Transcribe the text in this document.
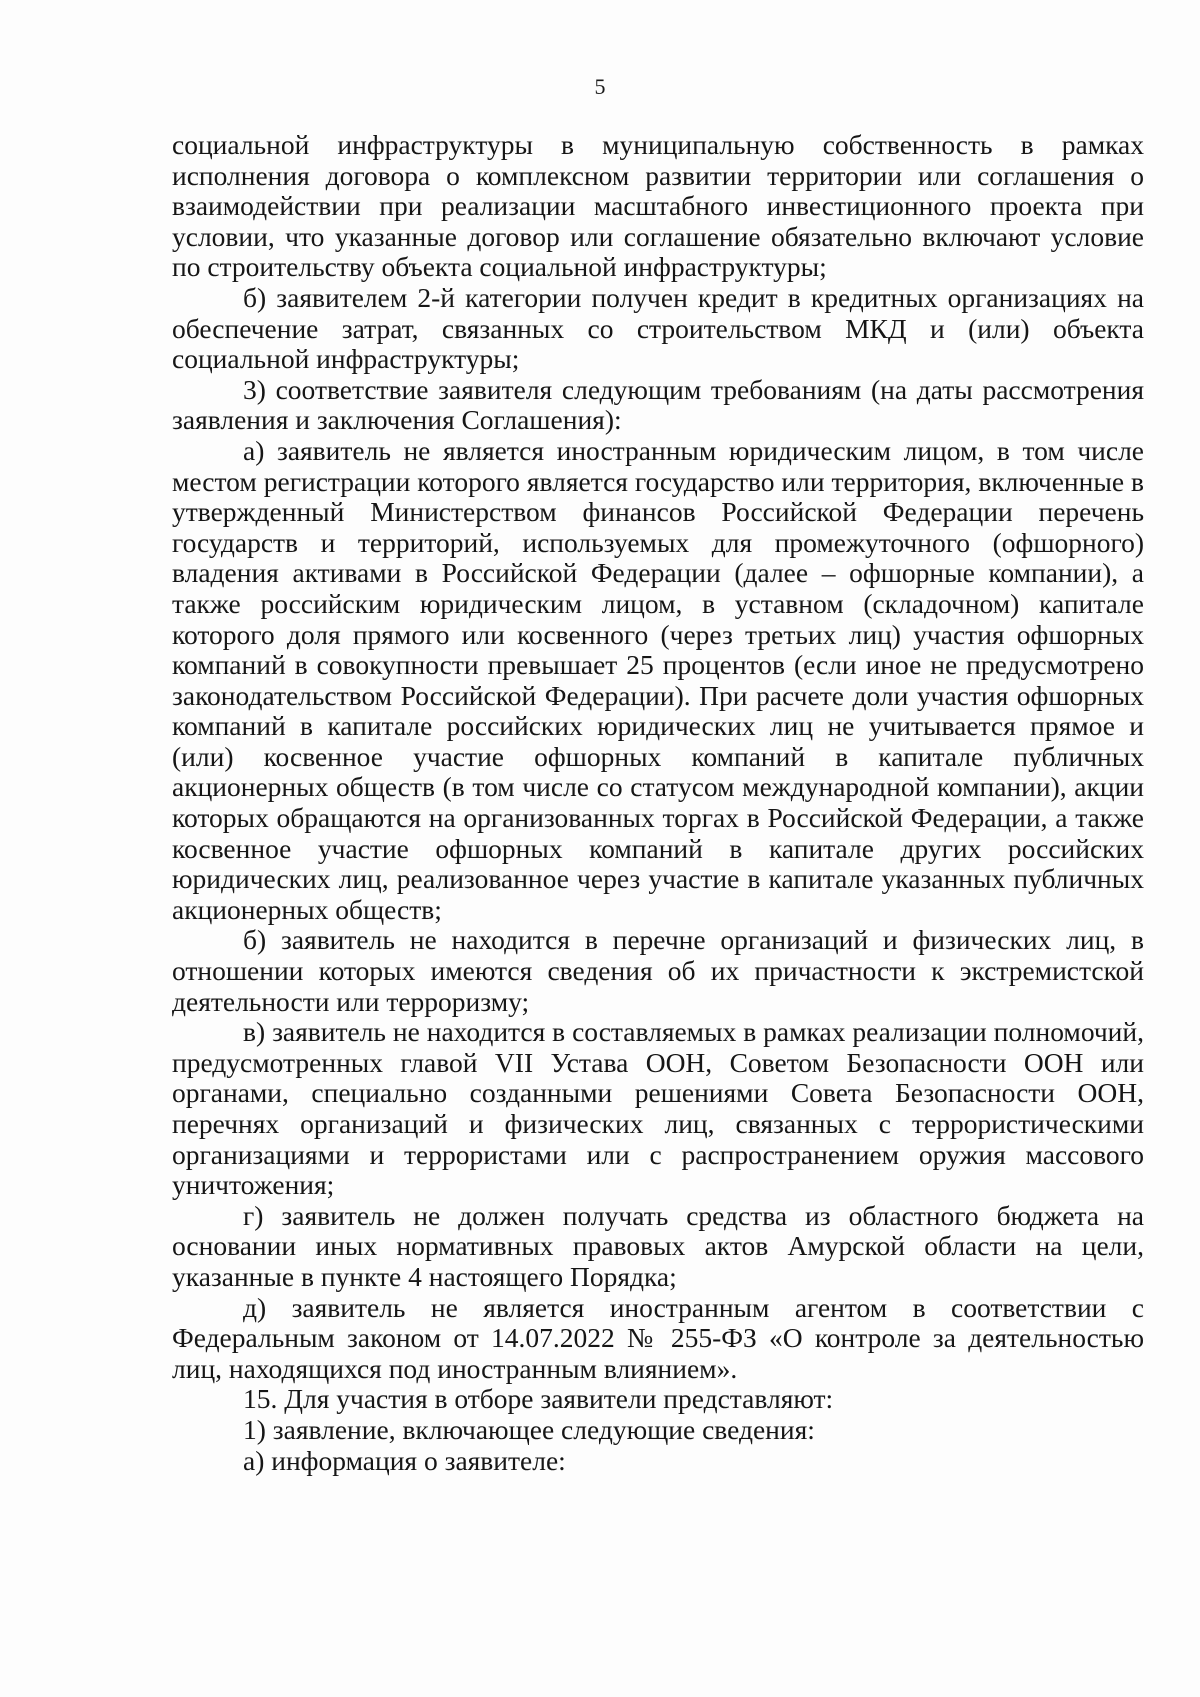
5

социальной инфраструктуры в муниципальную собственность в рамках исполнения договора о комплексном развитии территории или соглашения о взаимодействии при реализации масштабного инвестиционного проекта при условии, что указанные договор или соглашение обязательно включают условие по строительству объекта социальной инфраструктуры;

б) заявителем 2-й категории получен кредит в кредитных организациях на обеспечение затрат, связанных со строительством МКД и (или) объекта социальной инфраструктуры;

3) соответствие заявителя следующим требованиям (на даты рассмотрения заявления и заключения Соглашения):

а) заявитель не является иностранным юридическим лицом, в том числе местом регистрации которого является государство или территория, включенные в утвержденный Министерством финансов Российской Федерации перечень государств и территорий, используемых для промежуточного (офшорного) владения активами в Российской Федерации (далее – офшорные компании), а также российским юридическим лицом, в уставном (складочном) капитале которого доля прямого или косвенного (через третьих лиц) участия офшорных компаний в совокупности превышает 25 процентов (если иное не предусмотрено законодательством Российской Федерации). При расчете доли участия офшорных компаний в капитале российских юридических лиц не учитывается прямое и (или) косвенное участие офшорных компаний в капитале публичных акционерных обществ (в том числе со статусом международной компании), акции которых обращаются на организованных торгах в Российской Федерации, а также косвенное участие офшорных компаний в капитале других российских юридических лиц, реализованное через участие в капитале указанных публичных акционерных обществ;

б) заявитель не находится в перечне организаций и физических лиц, в отношении которых имеются сведения об их причастности к экстремистской деятельности или терроризму;

в) заявитель не находится в составляемых в рамках реализации полномочий, предусмотренных главой VII Устава ООН, Советом Безопасности ООН или органами, специально созданными решениями Совета Безопасности ООН, перечнях организаций и физических лиц, связанных с террористическими организациями и террористами или с распространением оружия массового уничтожения;

г) заявитель не должен получать средства из областного бюджета на основании иных нормативных правовых актов Амурской области на цели, указанные в пункте 4 настоящего Порядка;

д) заявитель не является иностранным агентом в соответствии с Федеральным законом от 14.07.2022 № 255-ФЗ «О контроле за деятельностью лиц, находящихся под иностранным влиянием».

15. Для участия в отборе заявители представляют:

1) заявление, включающее следующие сведения:

а) информация о заявителе:
